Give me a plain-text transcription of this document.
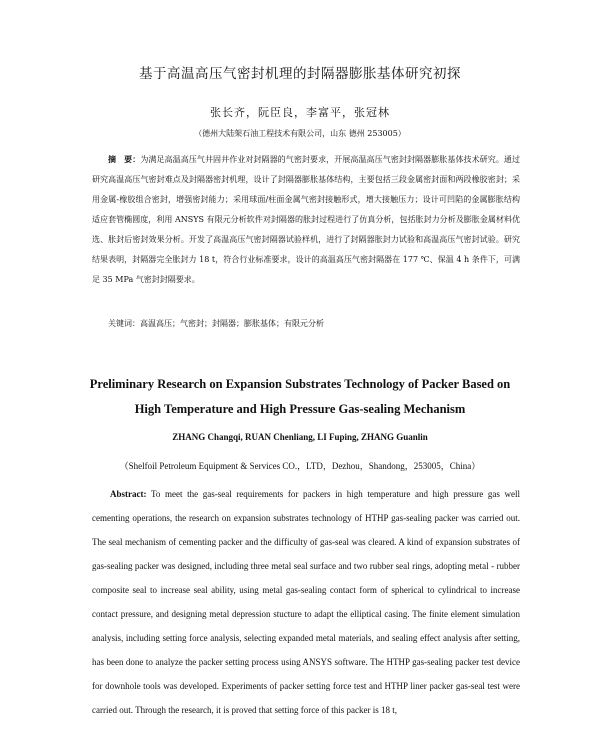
基于高温高压气密封机理的封隔器膨胀基体研究初探
张长齐，阮臣良，李富平，张冠林
（德州大陆架石油工程技术有限公司，山东 德州 253005）
摘　要：为满足高温高压气井固井作业对封隔器的气密封要求，开展高温高压气密封封隔器膨胀基体技术研究。通过研究高温高压气密封难点及封隔器密封机理，设计了封隔器膨胀基体结构，主要包括三段金属密封面和两段橡胶密封；采用金属-橡胶组合密封，增强密封能力；采用球面/柱面金属气密封接触形式，增大接触压力；设计可凹陷的金属膨胀结构适应套管椭圆度，利用 ANSYS 有限元分析软件对封隔器的胀封过程进行了仿真分析，包括胀封力分析及膨胀金属材料优选、胀封后密封效果分析。开发了高温高压气密封隔器试验样机，进行了封隔器胀封力试验和高温高压气密封试验。研究结果表明，封隔器完全胀封力 18 t，符合行业标准要求，设计的高温高压气密封隔器在 177 ℃、保温 4 h 条件下，可满足 35 MPa 气密封封隔要求。
关键词：高温高压；气密封；封隔器；膨胀基体；有限元分析
Preliminary Research on Expansion Substrates Technology of Packer Based on
High Temperature and High Pressure Gas-sealing Mechanism
ZHANG Changqi, RUAN Chenliang, LI Fuping, ZHANG Guanlin
（Shelfoil Petroleum Equipment & Services CO.，LTD，Dezhou，Shandong，253005，China）
Abstract: To meet the gas-seal requirements for packers in high temperature and high pressure gas well cementing operations, the research on expansion substrates technology of HTHP gas-sealing packer was carried out. The seal mechanism of cementing packer and the difficulty of gas-seal was cleared. A kind of expansion substrates of gas-sealing packer was designed, including three metal seal surface and two rubber seal rings, adopting metal - rubber composite seal to increase seal ability, using metal gas-sealing contact form of spherical to cylindrical to increase contact pressure, and designing metal depression stucture to adapt the elliptical casing. The finite element simulation analysis, including setting force analysis, selecting expanded metal materials, and sealing effect analysis after setting, has been done to analyze the packer setting process using ANSYS software. The HTHP gas-sealing packer test device for downhole tools was developed. Experiments of packer setting force test and HTHP liner packer gas-seal test were carried out. Through the research, it is proved that setting force of this packer is 18 t,
